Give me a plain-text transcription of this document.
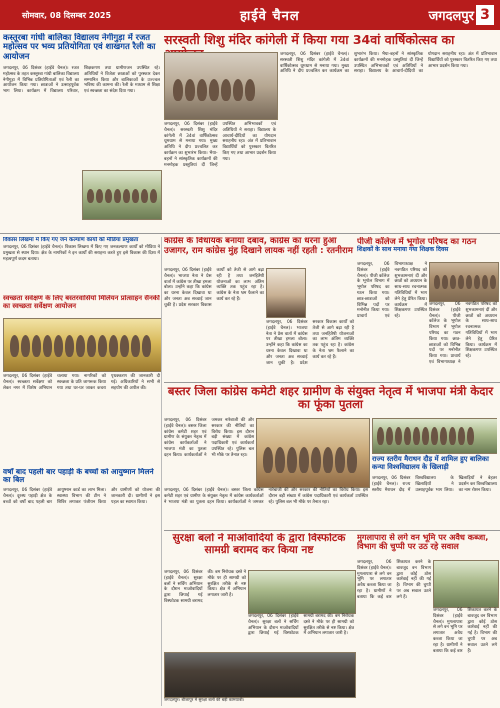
सोमवार, 08 दिसम्बर 2025	हाईवे चैनल	जगदलपुर 3
कस्तूरबा गांधी बालिका विद्यालय नेगीगुड़ा में रजत महोत्सव पर भव्य प्रतियोगिता एवं शाखगत रैली का आयोजन
जगदलपुर, 06 दिसंबर (हाईवे चैनल)। रजत महोत्सव के तहत कस्तूरबा गांधी बालिका विद्यालय नेगीगुड़ा में विभिन्न प्रतियोगिताओं एवं रैली का आयोजन किया गया। छात्राओं ने उत्साहपूर्वक भाग लिया। कार्यक्रम में विद्यालय परिवार, शिक्षकगण तथा ग्रामीणजन उपस्थित रहे। अतिथियों ने विजेता छात्राओं को पुरस्कार देकर सम्मानित किया और बालिकाओं के उज्ज्वल भविष्य की कामना की। रैली के माध्यम से शिक्षा एवं स्वच्छता का संदेश दिया गया।
सरस्वती शिशु मंदिर कांगेली में किया गया 34वां वार्षिकोत्सव का
जगदलपुर, 06 दिसंबर (हाईवे चैनल)। सरस्वती शिशु मंदिर कांगेली में 34वां वार्षिकोत्सव धूमधाम से मनाया गया। मुख्य अतिथि ने दीप प्रज्वलित कर कार्यक्रम का शुभारंभ किया। भैया-बहनों ने सांस्कृतिक कार्यक्रमों की मनमोहक प्रस्तुतियां दीं जिन्हें उपस्थित अभिभावकों एवं अतिथियों ने सराहा। विद्यालय के आचार्य-दीदियों का योगदान सराहनीय रहा। अंत में प्रतिभावान विद्यार्थियों को पुरस्कार वितरित किए गए तथा आभार प्रदर्शन किया गया।
जगदलपुर, 06 दिसंबर (हाईवे चैनल)। सरस्वती शिशु मंदिर कांगेली में 34वां वार्षिकोत्सव धूमधाम से मनाया गया। मुख्य अतिथि ने दीप प्रज्वलित कर कार्यक्रम का शुभारंभ किया। भैया-बहनों ने सांस्कृतिक कार्यक्रमों की मनमोहक प्रस्तुतियां दीं जिन्हें उपस्थित अभिभावकों एवं अतिथियों ने सराहा। विद्यालय के आचार्य-दीदियों का योगदान सराहनीय रहा। अंत में प्रतिभावान विद्यार्थियों को पुरस्कार वितरित किए गए तथा आभार प्रदर्शन किया गया।
विकास लिखमा में किए गए जन कल्याण कार्यों को मीडिया प्रमुखता
जगदलपुर, 06 दिसंबर (हाईवे चैनल)। विकास लिखमा में किए गए जनकल्याण कार्यों को मीडिया ने प्रमुखता से स्थान दिया। क्षेत्र के नागरिकों ने इन कार्यों की सराहना करते हुए इसे विकास की दिशा में महत्वपूर्ण कदम बताया।
स्वच्छता सर्वेक्षण के लिए बस्तरवासियों मिलियन प्रोत्साहन सैनकी का स्वच्छता सर्वेक्षण आयोजन
जगदलपुर, 06 दिसंबर (हाईवे चैनल)। स्वच्छता सर्वेक्षण को लेकर नगर में विशेष अभियान चलाया गया। नागरिकों को स्वच्छता के प्रति जागरूक किया गया तथा घर-घर जाकर कचरा पृथक्करण की जानकारी दी गई। अधिकारियों ने सभी से सहयोग की अपील की।
वर्षों बाद पहली बार पहाड़ी के बच्चों को आयुष्मान मिलने का बिल
जगदलपुर, 06 दिसंबर (हाईवे चैनल)। दूरस्थ पहाड़ी क्षेत्र के बच्चों को वर्षों बाद पहली बार आयुष्मान कार्ड का लाभ मिला। स्वास्थ्य विभाग की टीम ने शिविर लगाकर पंजीयन किया और ग्रामीणों को योजना की जानकारी दी। ग्रामीणों ने इस पहल का स्वागत किया।
कांग्रेस के विधायक बनाया दबाव, कांग्रेस का धरना हुआ उजागर, राम कांग्रेस मुंह दिखाने लायक नहीं रहती : रतनीराम
जगदलपुर, 06 दिसंबर (हाईवे चैनल)। भाजपा नेता ने प्रेस वार्ता में कांग्रेस पर तीखा हमला बोला। उन्होंने कहा कि कांग्रेस का धरना केवल दिखावा था और जनता अब सच्चाई जान चुकी है। प्रदेश सरकार विकास कार्यों को तेजी से आगे बढ़ा रही है तथा जनहितैषी योजनाओं का लाभ अंतिम व्यक्ति तक पहुंच रहा है। कांग्रेस के नेता भ्रम फैलाने का कार्य कर रहे हैं।
जगदलपुर, 06 दिसंबर (हाईवे चैनल)। भाजपा नेता ने प्रेस वार्ता में कांग्रेस पर तीखा हमला बोला। उन्होंने कहा कि कांग्रेस का धरना केवल दिखावा था और जनता अब सच्चाई जान चुकी है। प्रदेश सरकार विकास कार्यों को तेजी से आगे बढ़ा रही है तथा जनहितैषी योजनाओं का लाभ अंतिम व्यक्ति तक पहुंच रहा है। कांग्रेस के नेता भ्रम फैलाने का कार्य कर रहे हैं।
पीजी कॉलेज में भूगोल परिषद का गठन
शिक्षकों के साथ मनाया गया शिक्षक दिवस
जगदलपुर, 06 दिसंबर (हाईवे चैनल)। पीजी कॉलेज के भूगोल विभाग में भूगोल परिषद का गठन किया गया। छात्र-छात्राओं को विभिन्न पदों पर मनोनीत किया गया। प्राचार्य एवं विभागाध्यक्ष ने नवगठित परिषद को शुभकामनाएं दीं और छात्रों को अध्ययन के साथ-साथ रचनात्मक गतिविधियों में भाग लेने हेतु प्रेरित किया। कार्यक्रम में शिक्षकगण उपस्थित रहे।
जगदलपुर, 06 दिसंबर (हाईवे चैनल)। पीजी कॉलेज के भूगोल विभाग में भूगोल परिषद का गठन किया गया। छात्र-छात्राओं को विभिन्न पदों पर मनोनीत किया गया। प्राचार्य एवं विभागाध्यक्ष ने नवगठित परिषद को शुभकामनाएं दीं और छात्रों को अध्ययन के साथ-साथ रचनात्मक गतिविधियों में भाग लेने हेतु प्रेरित किया। कार्यक्रम में शिक्षकगण उपस्थित रहे।
बस्तर जिला कांग्रेस कमेटी शहर ग्रामीण के संयुक्त नेतृत्व में भाजपा मंत्री केदार का फूंका पुतला
जगदलपुर, 06 दिसंबर (हाईवे चैनल)। बस्तर जिला कांग्रेस कमेटी शहर एवं ग्रामीण के संयुक्त नेतृत्व में कांग्रेस कार्यकर्ताओं ने भाजपा मंत्री का पुतला दहन किया। कार्यकर्ताओं ने जमकर नारेबाजी की और सरकार की नीतियों का विरोध किया। इस दौरान बड़ी संख्या में कांग्रेस पदाधिकारी एवं कार्यकर्ता उपस्थित रहे। पुलिस बल भी मौके पर तैनात रहा।
जगदलपुर, 06 दिसंबर (हाईवे चैनल)। बस्तर जिला कांग्रेस कमेटी शहर एवं ग्रामीण के संयुक्त नेतृत्व में कांग्रेस कार्यकर्ताओं ने भाजपा मंत्री का पुतला दहन किया। कार्यकर्ताओं ने जमकर नारेबाजी की और सरकार की नीतियों का विरोध किया। इस दौरान बड़ी संख्या में कांग्रेस पदाधिकारी एवं कार्यकर्ता उपस्थित रहे। पुलिस बल भी मौके पर तैनात रहा।
राज्य स्तरीय मैराथन दौड़ में शामिल हुए बालिका कन्या विश्वविद्यालय के खिलाड़ी
जगदलपुर, 06 दिसंबर (हाईवे चैनल)। राज्य स्तरीय मैराथन दौड़ में विश्वविद्यालय के खिलाड़ियों ने उत्साहपूर्वक भाग लिया। खिलाड़ियों ने बेहतर प्रदर्शन कर विश्वविद्यालय का नाम रोशन किया।
सुरक्षा बलों ने माओवादियों के द्वारा विस्फोटक सामग्री बरामद कर किया नष्ट
जगदलपुर, 06 दिसंबर (हाईवे चैनल)। सुरक्षा बलों ने सर्चिंग अभियान के दौरान माओवादियों द्वारा छिपाई गई विस्फोटक सामग्री बरामद की। बम निरोधक दस्ते ने मौके पर ही सामग्री को सुरक्षित तरीके से नष्ट किया। क्षेत्र में अभियान लगातार जारी है।
जगदलपुर, 06 दिसंबर (हाईवे चैनल)। सुरक्षा बलों ने सर्चिंग अभियान के दौरान माओवादियों द्वारा छिपाई गई विस्फोटक सामग्री बरामद की। बम निरोधक दस्ते ने मौके पर ही सामग्री को सुरक्षित तरीके से नष्ट किया। क्षेत्र में अभियान लगातार जारी है।
जगदलपुर। बीजापुर में सुरक्षा बलों की बड़ी कामयाबी।
मुगलापारा से लगे वन भूमि पर अवैध कब्जा, विभाग की चुप्पी पर उठ रहे सवाल
जगदलपुर, 06 दिसंबर (हाईवे चैनल)। मुगलापारा से लगे वन भूमि पर लगातार अवैध कब्जा किया जा रहा है। ग्रामीणों ने बताया कि कई बार शिकायत करने के बावजूद वन विभाग द्वारा कोई ठोस कार्रवाई नहीं की गई है। विभाग की चुप्पी पर अब सवाल उठने लगे हैं।
जगदलपुर, 06 दिसंबर (हाईवे चैनल)। मुगलापारा से लगे वन भूमि पर लगातार अवैध कब्जा किया जा रहा है। ग्रामीणों ने बताया कि कई बार शिकायत करने के बावजूद वन विभाग द्वारा कोई ठोस कार्रवाई नहीं की गई है। विभाग की चुप्पी पर अब सवाल उठने लगे हैं।
